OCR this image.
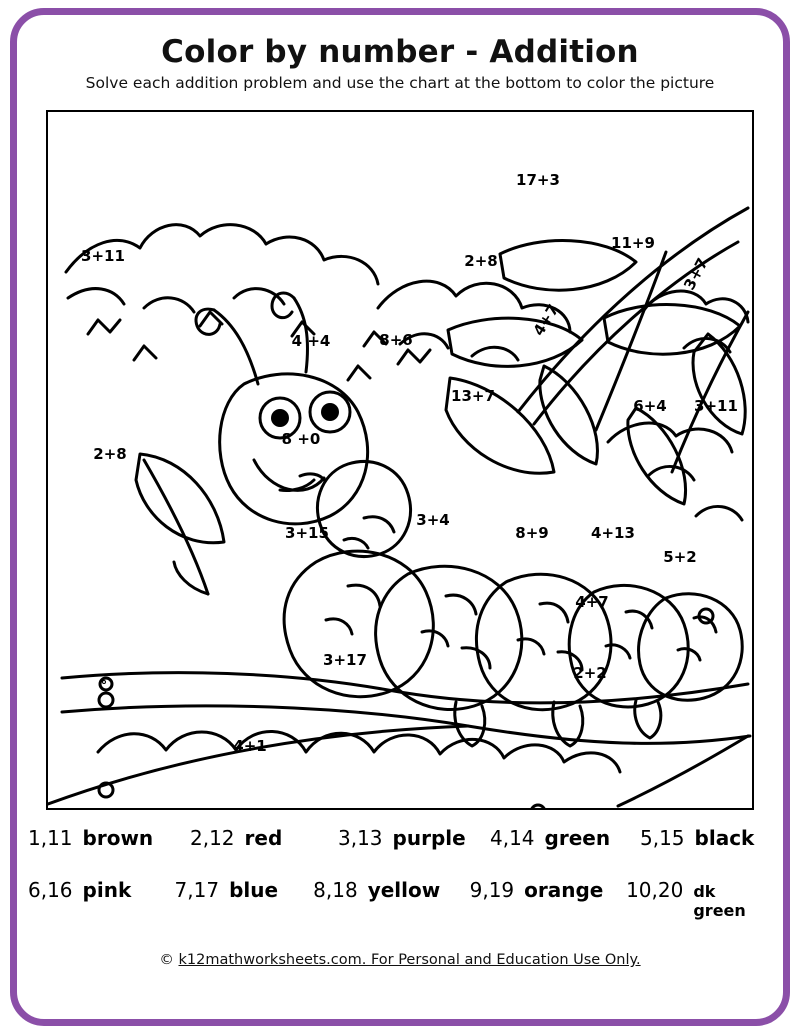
Color by number - Addition
Solve each addition problem and use the chart at the bottom to color the picture
3+11
17+3
2+8
11+9
3+7
4+7
4 +4	8+6
13+7
6+4 3+11
8 +0
2+8
3+15
3+4
8+9	4+13
5+2
4+7
3+17
2+2
4+1
1,11 brown 2,12 red	3,13 purple 4,14 green 5,15 black
6,16 pink 7,17 blue 8,18 yellow 9,19 orange 10,20 dk green
© k12mathworksheets.com. For Personal and Education Use Only.
